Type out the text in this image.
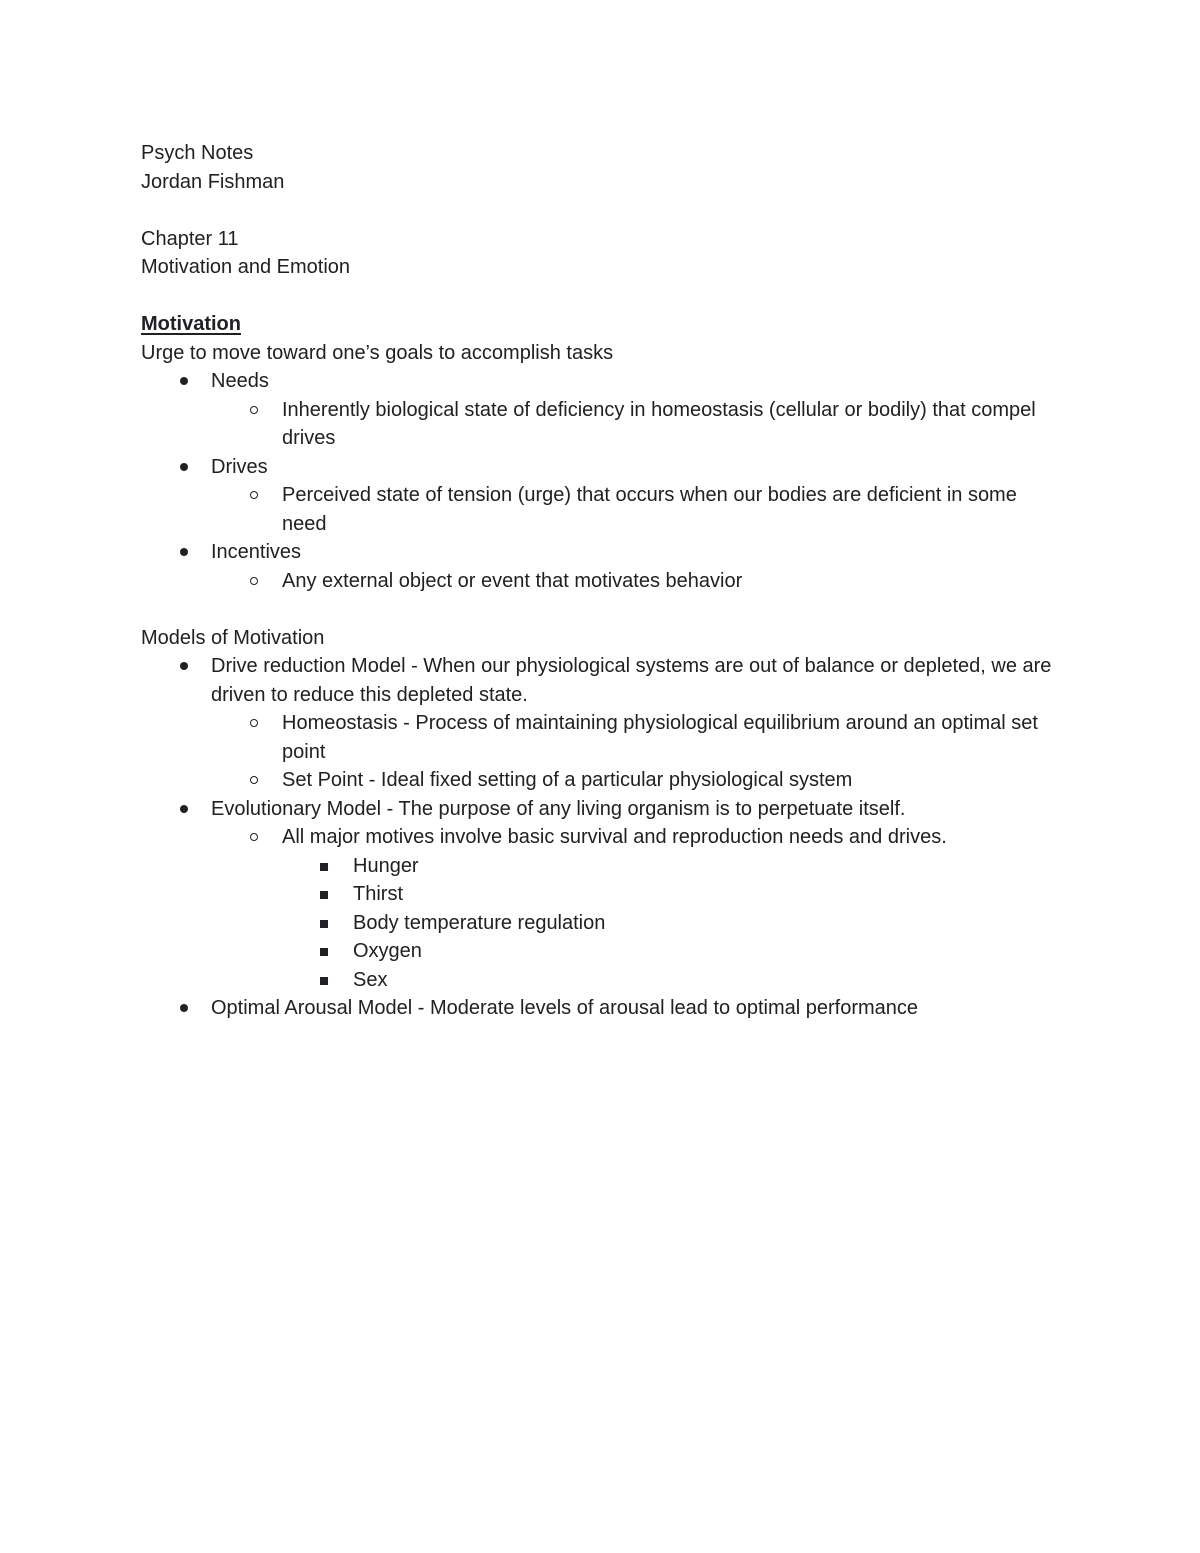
Psych Notes

Jordan Fishman

Chapter 11

Motivation and Emotion

Motivation

Urge to move toward one’s goals to accomplish tasks

Needs
Inherently biological state of deficiency in homeostasis (cellular or bodily) that compel drives
Drives
Perceived state of tension (urge) that occurs when our bodies are deficient in some need
Incentives
Any external object or event that motivates behavior

Models of Motivation

Drive reduction Model - When our physiological systems are out of balance or depleted, we are driven to reduce this depleted state.
Homeostasis - Process of maintaining physiological equilibrium around an optimal set point
Set Point - Ideal fixed setting of a particular physiological system
Evolutionary Model - The purpose of any living organism is to perpetuate itself.
All major motives involve basic survival and reproduction needs and drives.
Hunger
Thirst
Body temperature regulation
Oxygen
Sex
Optimal Arousal Model - Moderate levels of arousal lead to optimal performance
